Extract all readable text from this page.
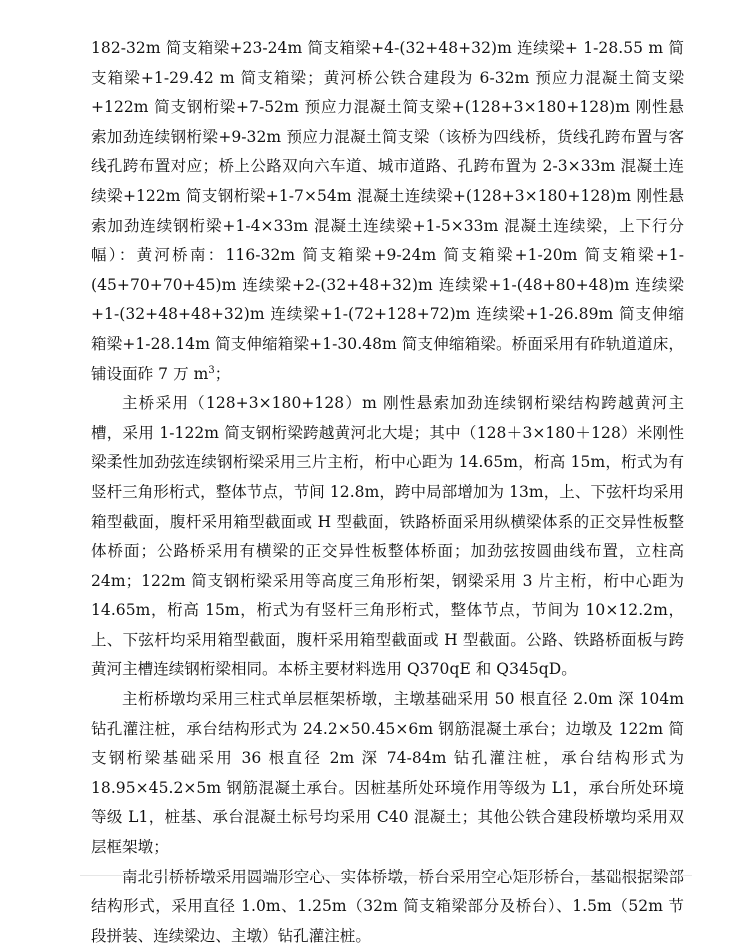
182-32m 简支箱梁+23-24m 简支箱梁+4-(32+48+32)m 连续梁+ 1-28.55 m 简支箱梁+1-29.42 m 简支箱梁；黄河桥公铁合建段为 6-32m 预应力混凝土简支梁+122m 简支钢桁梁+7-52m 预应力混凝土简支梁+(128+3×180+128)m 刚性悬索加劲连续钢桁梁+9-32m 预应力混凝土简支梁（该桥为四线桥，货线孔跨布置与客线孔跨布置对应；桥上公路双向六车道、城市道路、孔跨布置为 2-3×33m 混凝土连续梁+122m 简支钢桁梁+1-7×54m 混凝土连续梁+(128+3×180+128)m 刚性悬索加劲连续钢桁梁+1-4×33m 混凝土连续梁+1-5×33m 混凝土连续梁，上下行分幅）：黄河桥南：116-32m 简支箱梁+9-24m 简支箱梁+1-20m 简支箱梁+1-(45+70+70+45)m 连续梁+2-(32+48+32)m 连续梁+1-(48+80+48)m 连续梁+1-(32+48+48+32)m 连续梁+1-(72+128+72)m 连续梁+1-26.89m 简支伸缩箱梁+1-28.14m 简支伸缩箱梁+1-30.48m 简支伸缩箱梁。桥面采用有砟轨道道床，铺设面砟 7 万 $m^3$；

主桥采用（128+3×180+128）m 刚性悬索加劲连续钢桁梁结构跨越黄河主槽，采用 1-122m 简支钢桁梁跨越黄河北大堤；其中（128＋3×180＋128）米刚性梁柔性加劲弦连续钢桁梁采用三片主桁，桁中心距为 14.65m，桁高 15m，桁式为有竖杆三角形桁式，整体节点，节间 12.8m，跨中局部增加为 13m，上、下弦杆均采用箱型截面，腹杆采用箱型截面或 H 型截面，铁路桥面采用纵横梁体系的正交异性板整体桥面；公路桥采用有横梁的正交异性板整体桥面；加劲弦按圆曲线布置，立柱高 24m；122m 简支钢桁梁采用等高度三角形桁架，钢梁采用 3 片主桁，桁中心距为 14.65m，桁高 15m，桁式为有竖杆三角形桁式，整体节点，节间为 10×12.2m，上、下弦杆均采用箱型截面，腹杆采用箱型截面或 H 型截面。公路、铁路桥面板与跨黄河主槽连续钢桁梁相同。本桥主要材料选用 Q370qE 和 Q345qD。

主桁桥墩均采用三柱式单层框架桥墩，主墩基础采用 50 根直径 2.0m 深 104m 钻孔灌注桩，承台结构形式为 24.2×50.45×6m 钢筋混凝土承台；边墩及 122m 简支钢桁梁基础采用 36 根直径 2m 深 74-84m 钻孔灌注桩，承台结构形式为 18.95×45.2×5m 钢筋混凝土承台。因桩基所处环境作用等级为 L1，承台所处环境等级 L1，桩基、承台混凝土标号均采用 C40 混凝土；其他公铁合建段桥墩均采用双层框架墩；

南北引桥桥墩采用圆端形空心、实体桥墩，桥台采用空心矩形桥台，基础根据梁部结构形式，采用直径 1.0m、1.25m（32m 简支箱梁部分及桥台）、1.5m（52m 节段拼装、连续梁边、主墩）钻孔灌注桩。
